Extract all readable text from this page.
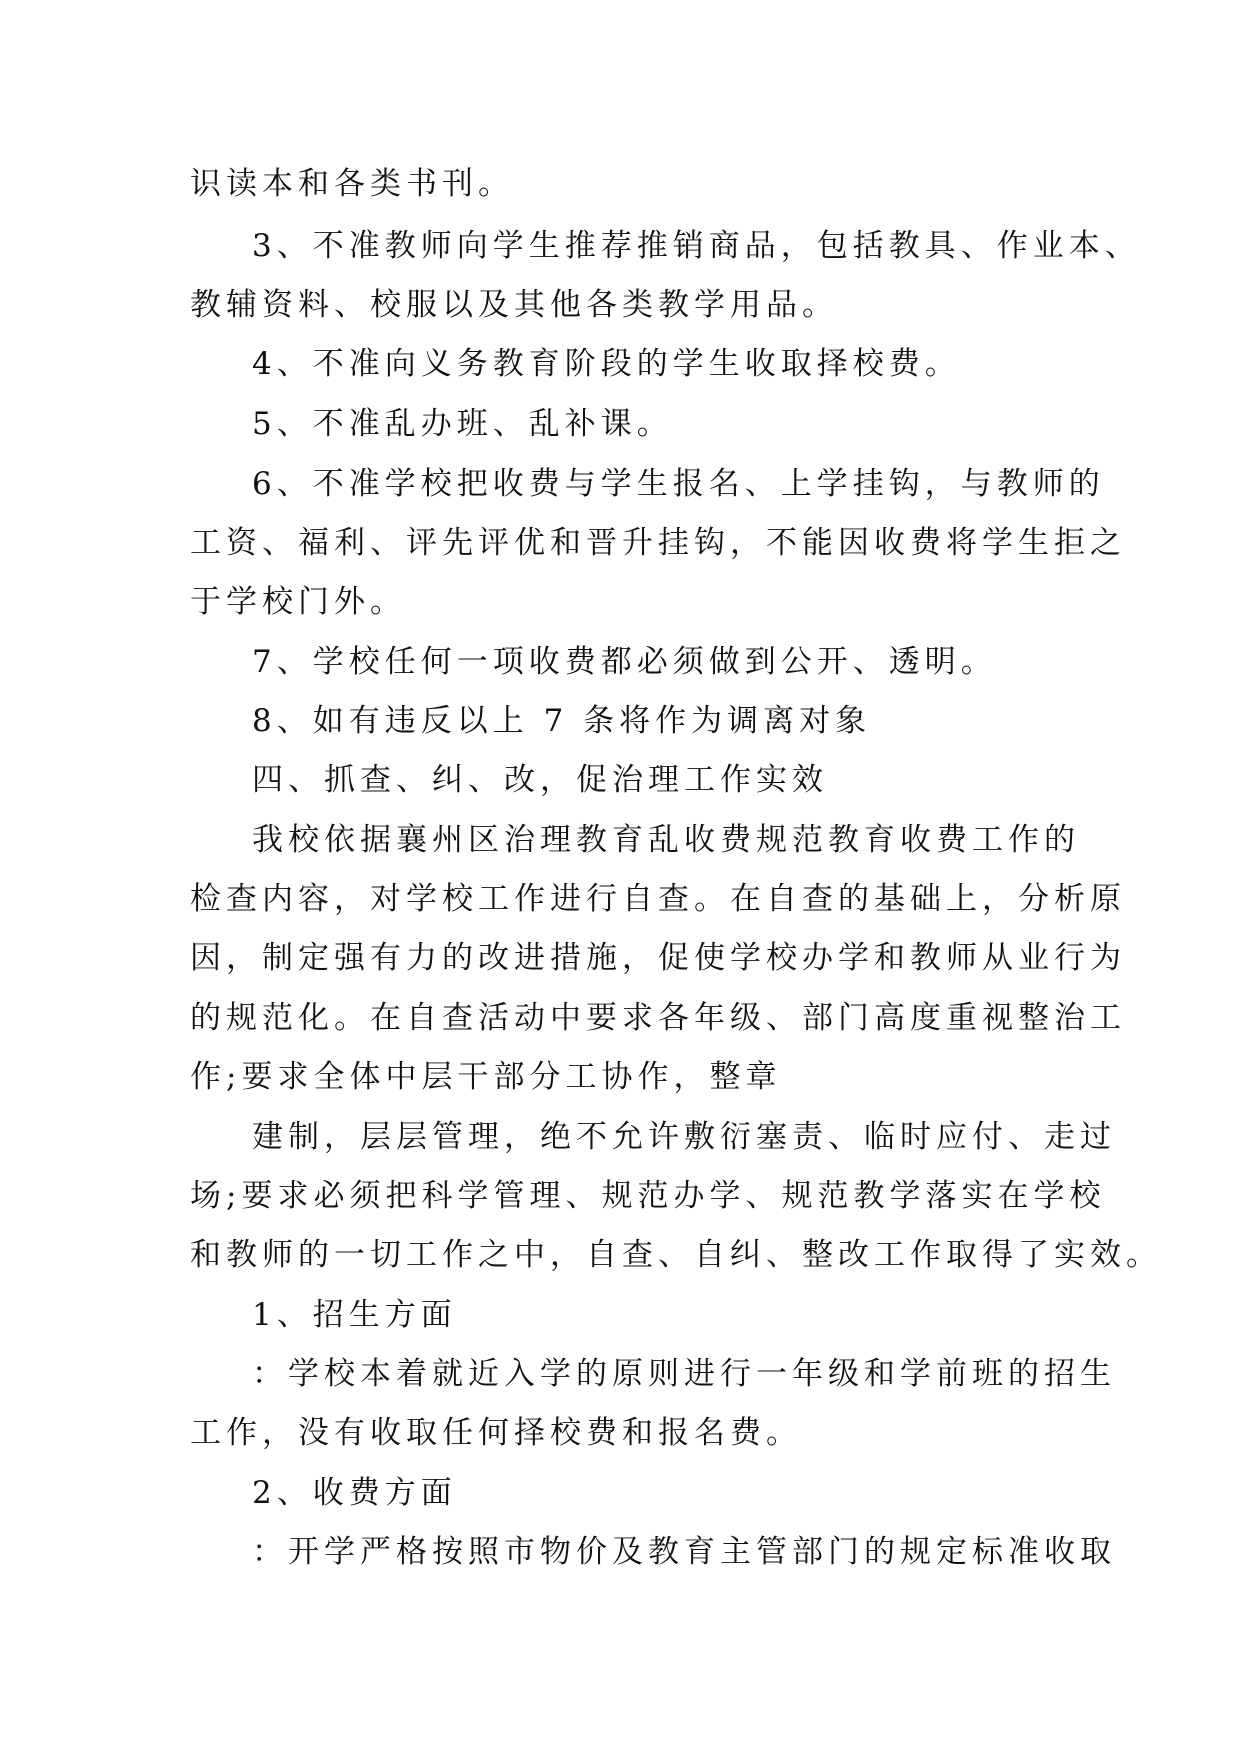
识读本和各类书刊。
3、不准教师向学生推荐推销商品，包括教具、作业本、
教辅资料、校服以及其他各类教学用品。
4、不准向义务教育阶段的学生收取择校费。
5、不准乱办班、乱补课。
6、不准学校把收费与学生报名、上学挂钩，与教师的
工资、福利、评先评优和晋升挂钩，不能因收费将学生拒之
于学校门外。
7、学校任何一项收费都必须做到公开、透明。
8、如有违反以上 7 条将作为调离对象
四、抓查、纠、改，促治理工作实效
我校依据襄州区治理教育乱收费规范教育收费工作的
检查内容，对学校工作进行自查。在自查的基础上，分析原
因，制定强有力的改进措施，促使学校办学和教师从业行为
的规范化。在自查活动中要求各年级、部门高度重视整治工
作;要求全体中层干部分工协作，整章
建制，层层管理，绝不允许敷衍塞责、临时应付、走过
场;要求必须把科学管理、规范办学、规范教学落实在学校
和教师的一切工作之中，自查、自纠、整改工作取得了实效。
1、招生方面
：学校本着就近入学的原则进行一年级和学前班的招生
工作，没有收取任何择校费和报名费。
2、收费方面
：开学严格按照市物价及教育主管部门的规定标准收取
